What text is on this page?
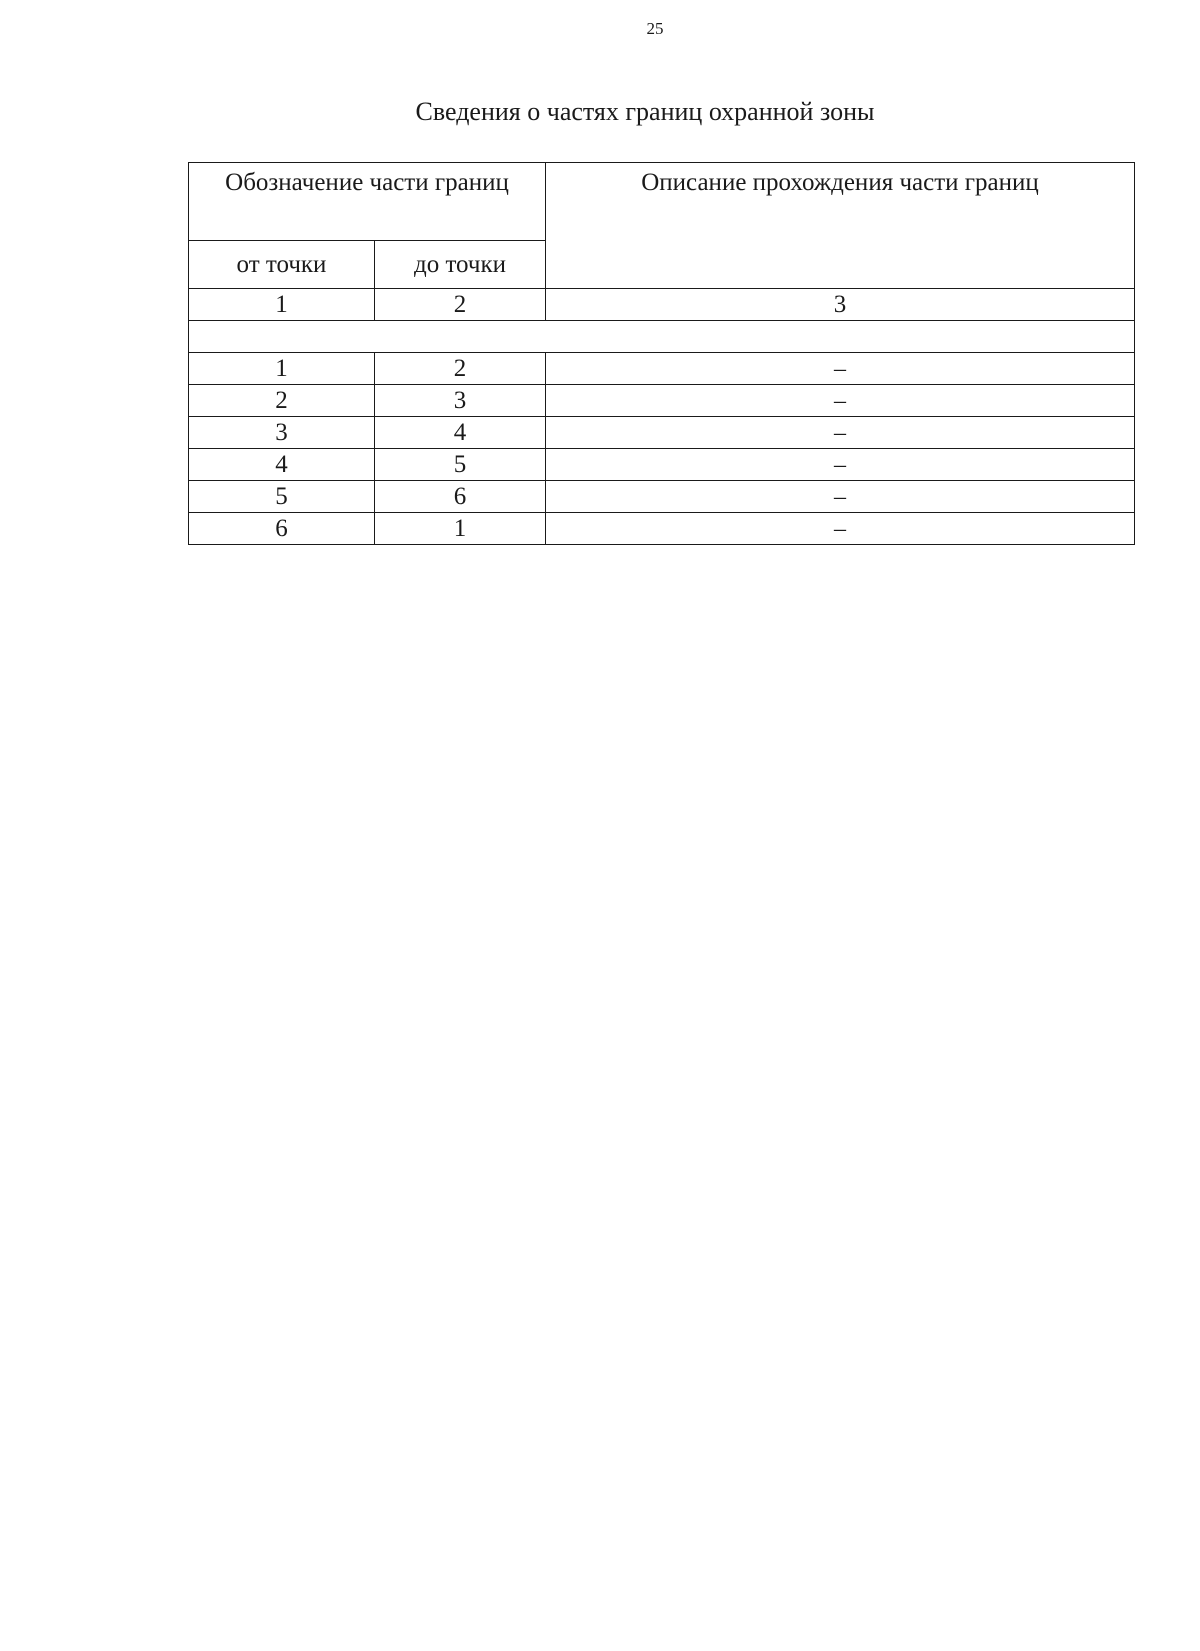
25
Сведения о частях границ охранной зоны
Обозначение части границ		Описание прохождения части границ
от точки	до точки	
1	2	3

1	2	–
2	3	–
3	4	–
4	5	–
5	6	–
6	1	–
